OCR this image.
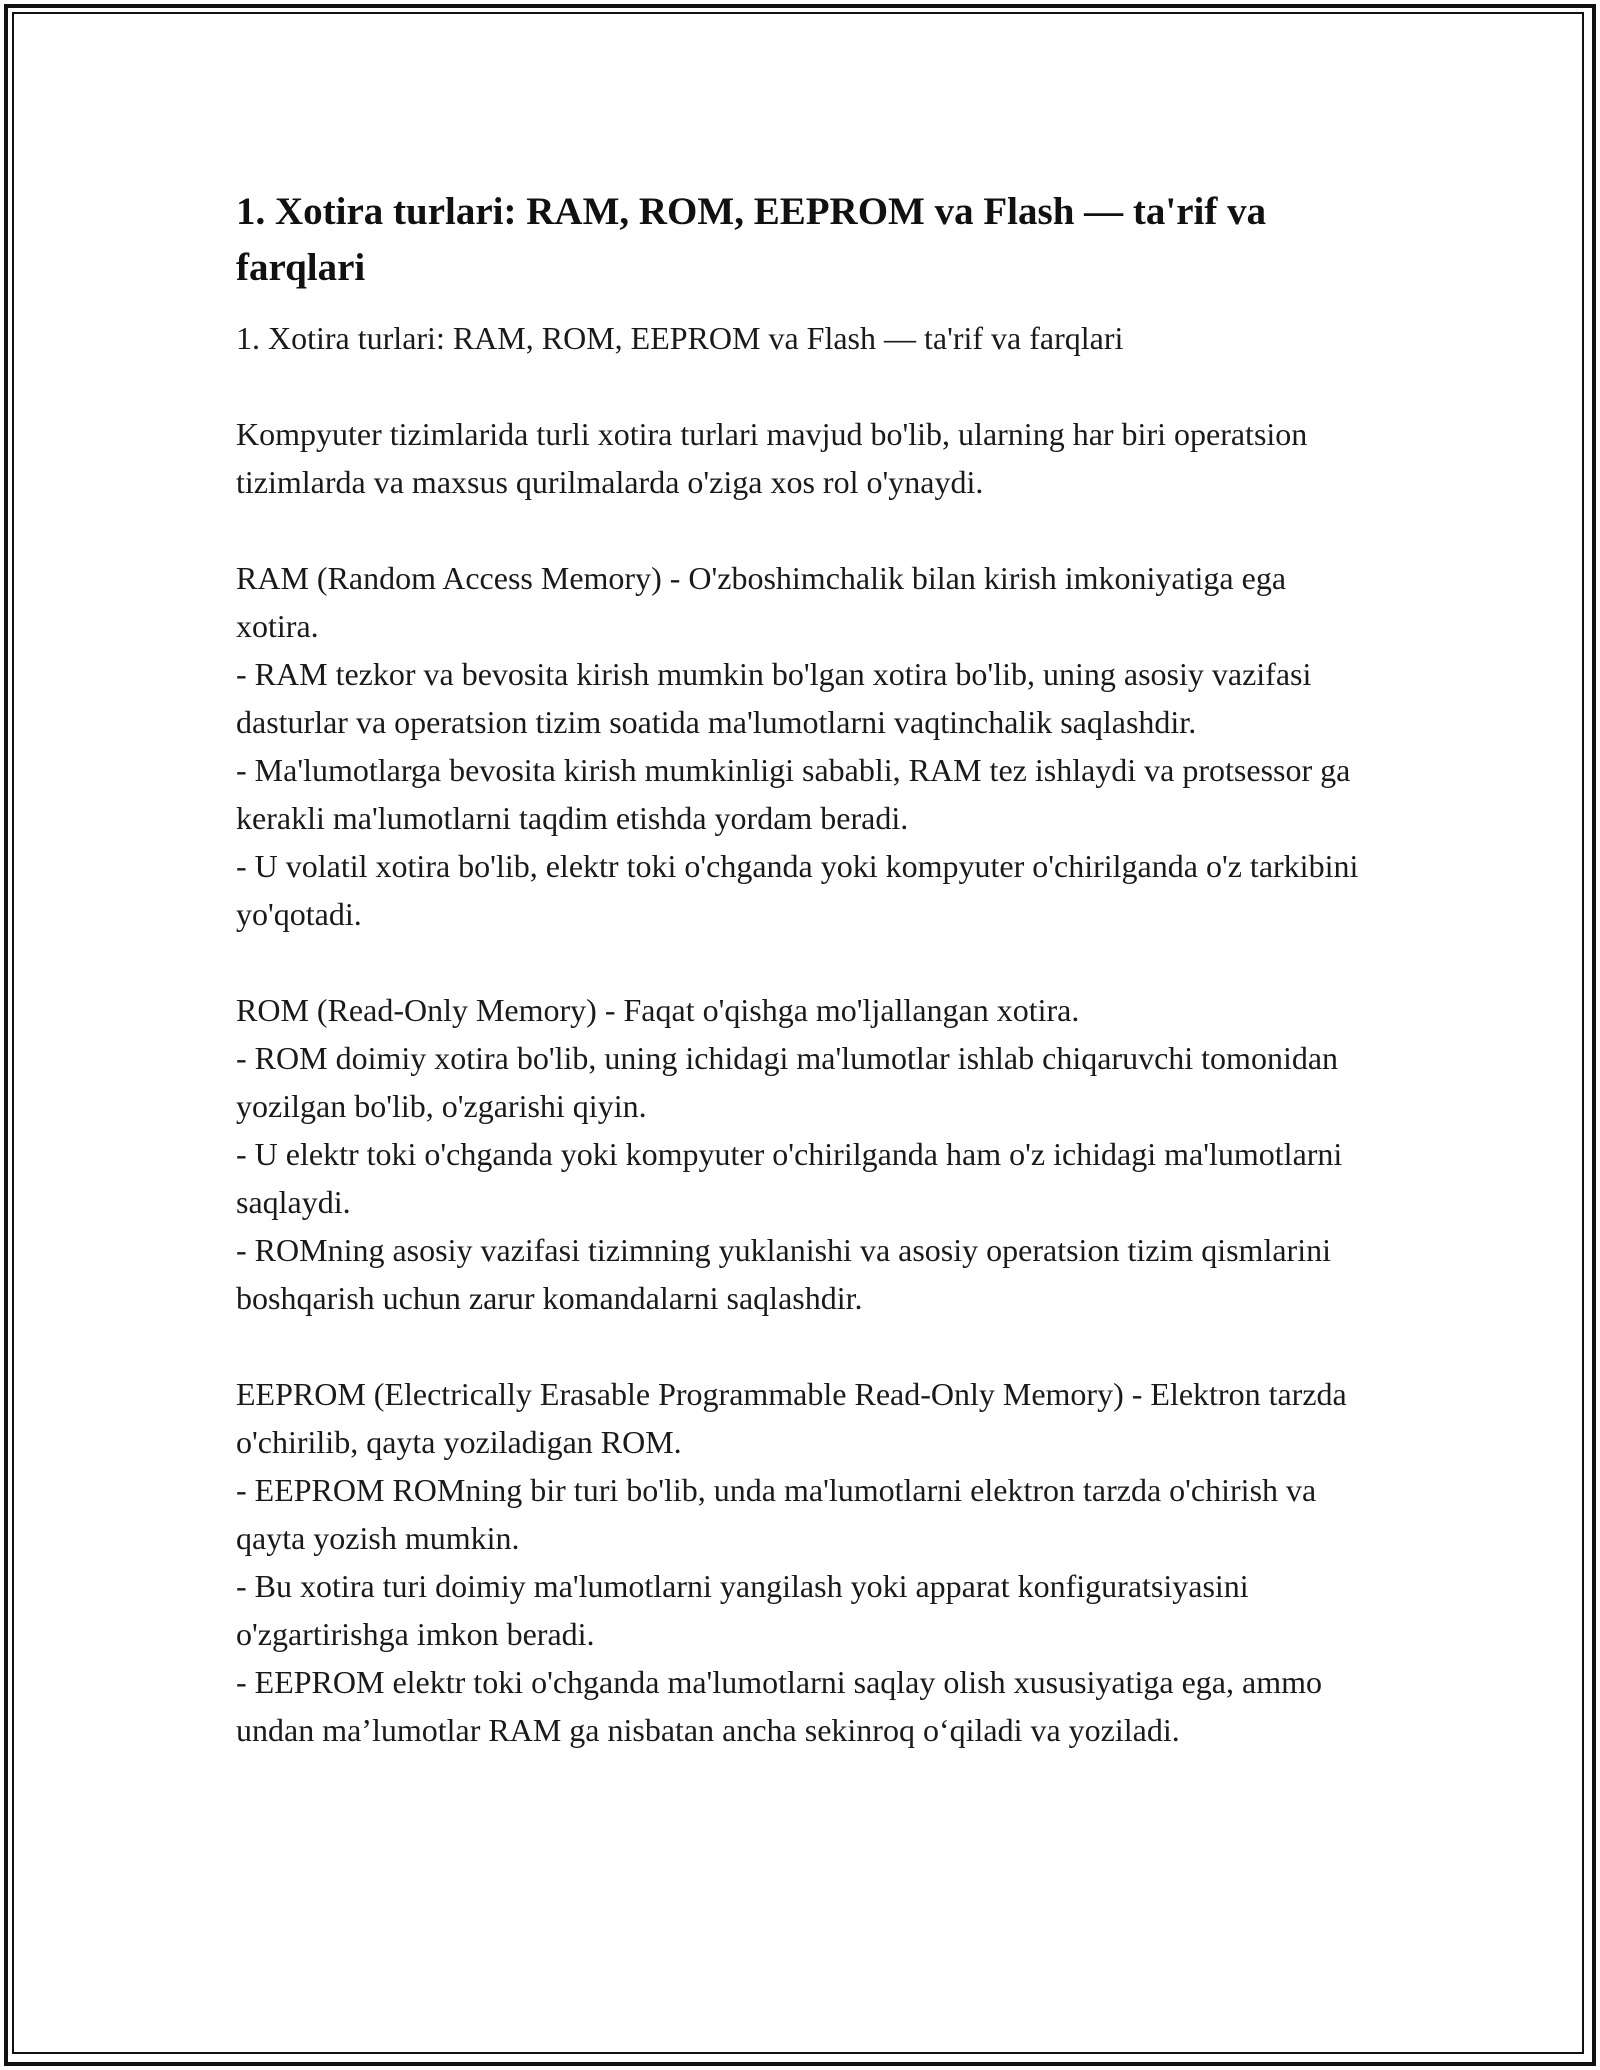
1. Xotira turlari: RAM, ROM, EEPROM va Flash — ta'rif va farqlari

1. Xotira turlari: RAM, ROM, EEPROM va Flash — ta'rif va farqlari

Kompyuter tizimlarida turli xotira turlari mavjud bo'lib, ularning har biri operatsion tizimlarda va maxsus qurilmalarda o'ziga xos rol o'ynaydi.

RAM (Random Access Memory) - O'zboshimchalik bilan kirish imkoniyatiga ega xotira.

- RAM tezkor va bevosita kirish mumkin bo'lgan xotira bo'lib, uning asosiy vazifasi dasturlar va operatsion tizim soatida ma'lumotlarni vaqtinchalik saqlashdir.

- Ma'lumotlarga bevosita kirish mumkinligi sababli, RAM tez ishlaydi va protsessor ga kerakli ma'lumotlarni taqdim etishda yordam beradi.

- U volatil xotira bo'lib, elektr toki o'chganda yoki kompyuter o'chirilganda o'z tarkibini yo'qotadi.

ROM (Read-Only Memory) - Faqat o'qishga mo'ljallangan xotira.

- ROM doimiy xotira bo'lib, uning ichidagi ma'lumotlar ishlab chiqaruvchi tomonidan yozilgan bo'lib, o'zgarishi qiyin.

- U elektr toki o'chganda yoki kompyuter o'chirilganda ham o'z ichidagi ma'lumotlarni saqlaydi.

- ROMning asosiy vazifasi tizimning yuklanishi va asosiy operatsion tizim qismlarini boshqarish uchun zarur komandalarni saqlashdir.

EEPROM (Electrically Erasable Programmable Read-Only Memory) - Elektron tarzda o'chirilib, qayta yoziladigan ROM.

- EEPROM ROMning bir turi bo'lib, unda ma'lumotlarni elektron tarzda o'chirish va qayta yozish mumkin.

- Bu xotira turi doimiy ma'lumotlarni yangilash yoki apparat konfiguratsiyasini o'zgartirishga imkon beradi.

- EEPROM elektr toki o'chganda ma'lumotlarni saqlay olish xususiyatiga ega, ammo undan ma’lumotlar RAM ga nisbatan ancha sekinroq o‘qiladi va yoziladi.
